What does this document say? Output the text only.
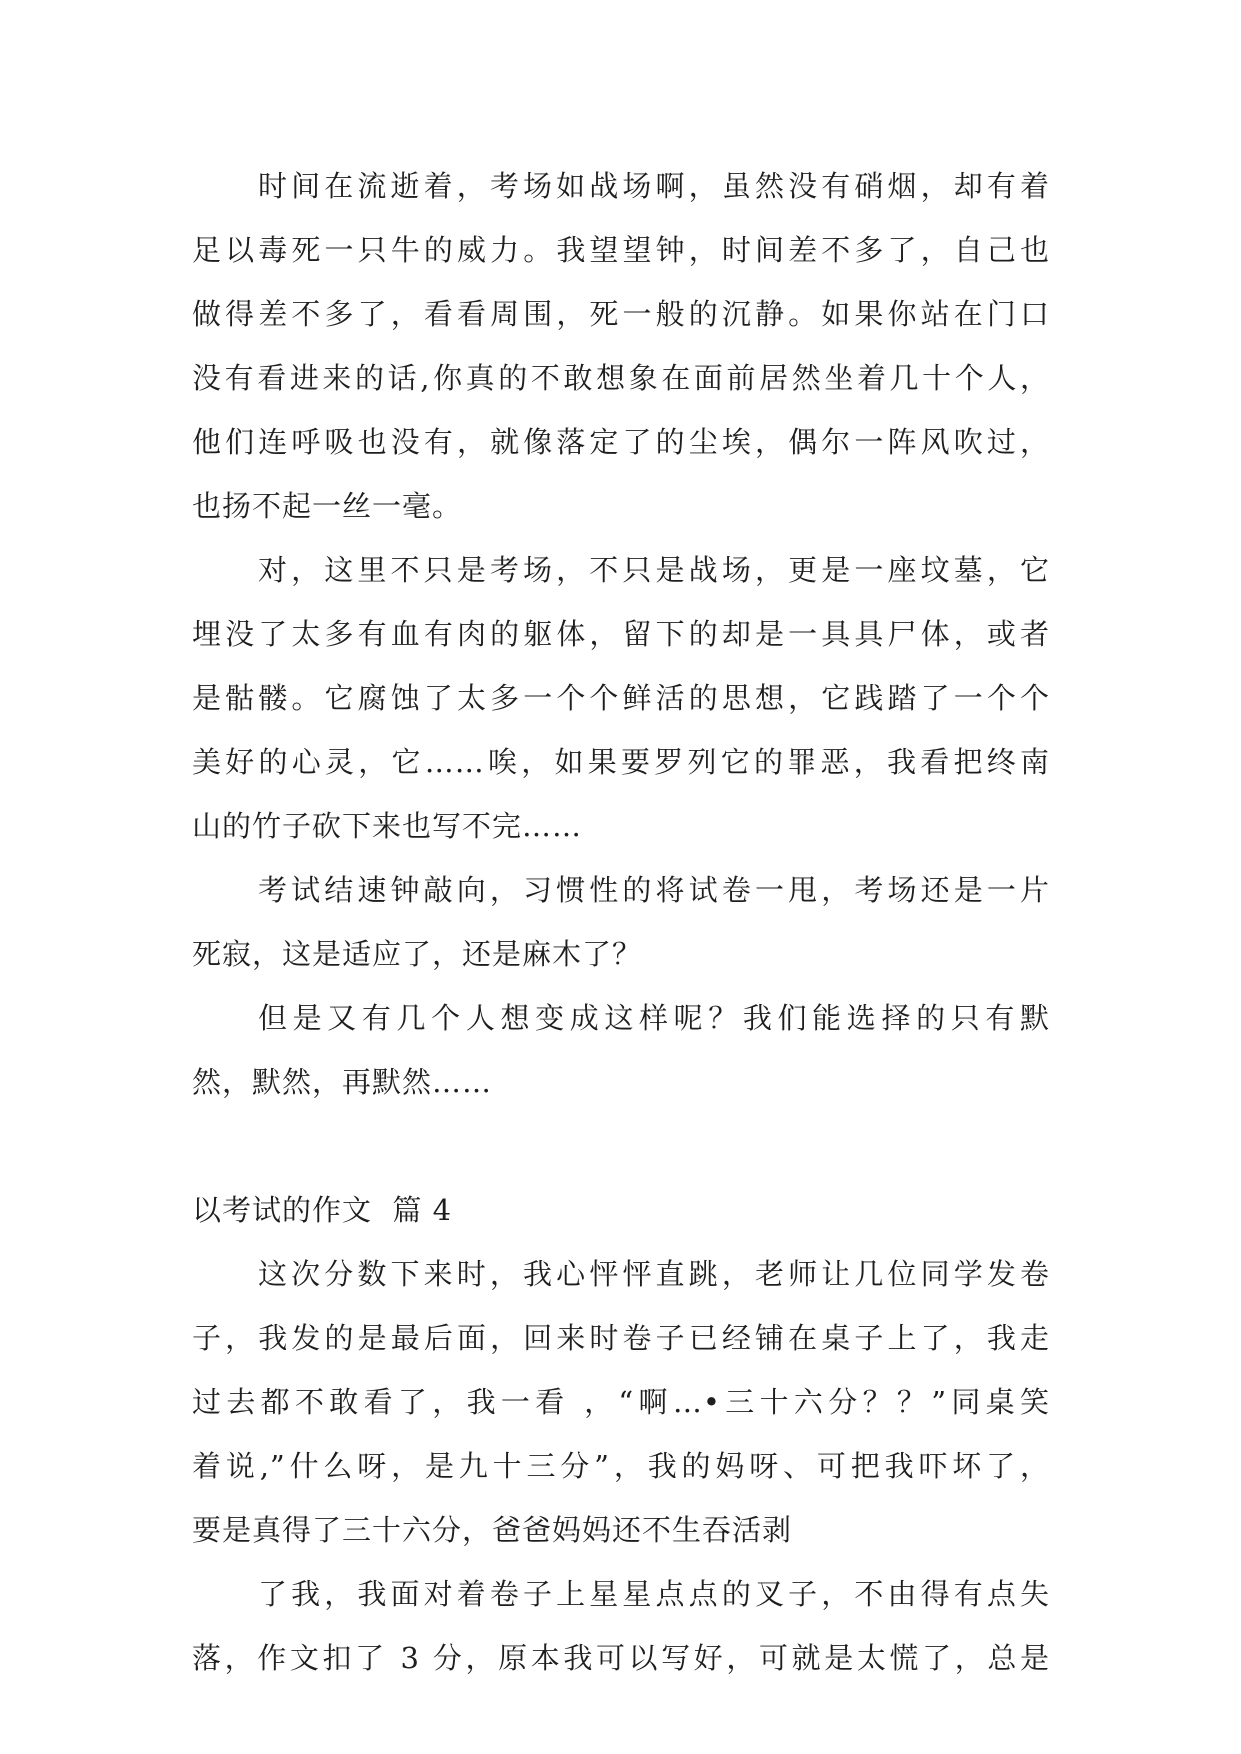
时间在流逝着，考场如战场啊，虽然没有硝烟，却有着
足以毒死一只牛的威力。我望望钟，时间差不多了，自己也
做得差不多了，看看周围，死一般的沉静。如果你站在门口
没有看进来的话,你真的不敢想象在面前居然坐着几十个人，
他们连呼吸也没有，就像落定了的尘埃，偶尔一阵风吹过，
也扬不起一丝一毫。
对，这里不只是考场，不只是战场，更是一座坟墓，它
埋没了太多有血有肉的躯体，留下的却是一具具尸体，或者
是骷髅。它腐蚀了太多一个个鲜活的思想，它践踏了一个个
美好的心灵，它……唉，如果要罗列它的罪恶，我看把终南
山的竹子砍下来也写不完……
考试结速钟敲向，习惯性的将试卷一甩，考场还是一片
死寂，这是适应了，还是麻木了？
但是又有几个人想变成这样呢？我们能选择的只有默
然，默然，再默然……
以考试的作文  篇 4
这次分数下来时，我心怦怦直跳，老师让几位同学发卷
子，我发的是最后面，回来时卷子已经铺在桌子上了，我走
过去都不敢看了，我一看 ，“啊…•三十六分？？”同桌笑
着说,”什么呀，是九十三分”，我的妈呀、可把我吓坏了，
要是真得了三十六分，爸爸妈妈还不生吞活剥
了我，我面对着卷子上星星点点的叉子，不由得有点失
落，作文扣了 3 分，原本我可以写好，可就是太慌了，总是
